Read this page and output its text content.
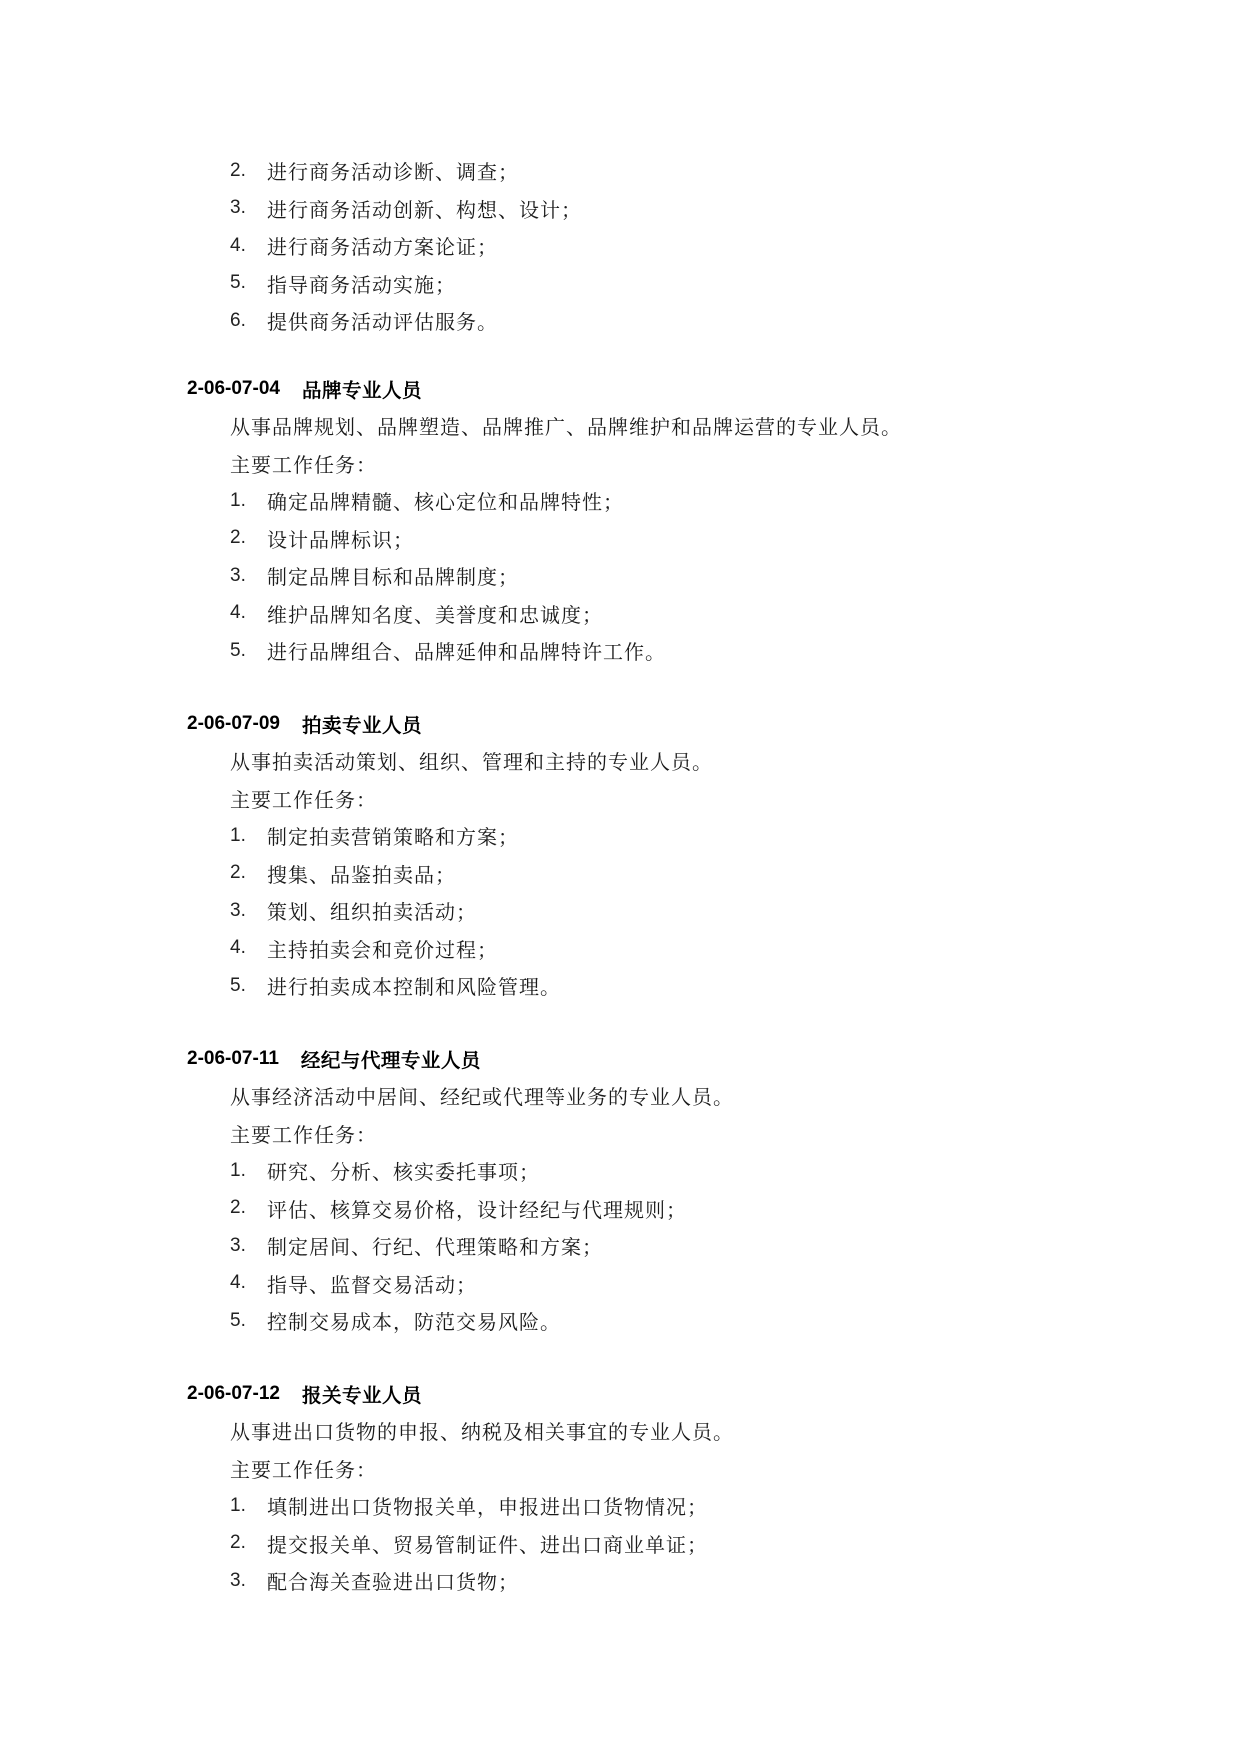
2.	进行商务活动诊断、调查；
3.	进行商务活动创新、构想、设计；
4.	进行商务活动方案论证；
5.	指导商务活动实施；
6.	提供商务活动评估服务。
2-06-07-04 品牌专业人员
从事品牌规划、品牌塑造、品牌推广、品牌维护和品牌运营的专业人员。
主要工作任务：
1.	确定品牌精髓、核心定位和品牌特性；
2.	设计品牌标识；
3.	制定品牌目标和品牌制度；
4.	维护品牌知名度、美誉度和忠诚度；
5.	进行品牌组合、品牌延伸和品牌特许工作。
2-06-07-09 拍卖专业人员
从事拍卖活动策划、组织、管理和主持的专业人员。
主要工作任务：
1.	制定拍卖营销策略和方案；
2.	搜集、品鉴拍卖品；
3.	策划、组织拍卖活动；
4.	主持拍卖会和竞价过程；
5.	进行拍卖成本控制和风险管理。
2-06-07-11 经纪与代理专业人员
从事经济活动中居间、经纪或代理等业务的专业人员。
主要工作任务：
1.	研究、分析、核实委托事项；
2.	评估、核算交易价格，设计经纪与代理规则；
3.	制定居间、行纪、代理策略和方案；
4.	指导、监督交易活动；
5.	控制交易成本，防范交易风险。
2-06-07-12 报关专业人员
从事进出口货物的申报、纳税及相关事宜的专业人员。
主要工作任务：
1.	填制进出口货物报关单，申报进出口货物情况；
2.	提交报关单、贸易管制证件、进出口商业单证；
3.	配合海关查验进出口货物；
